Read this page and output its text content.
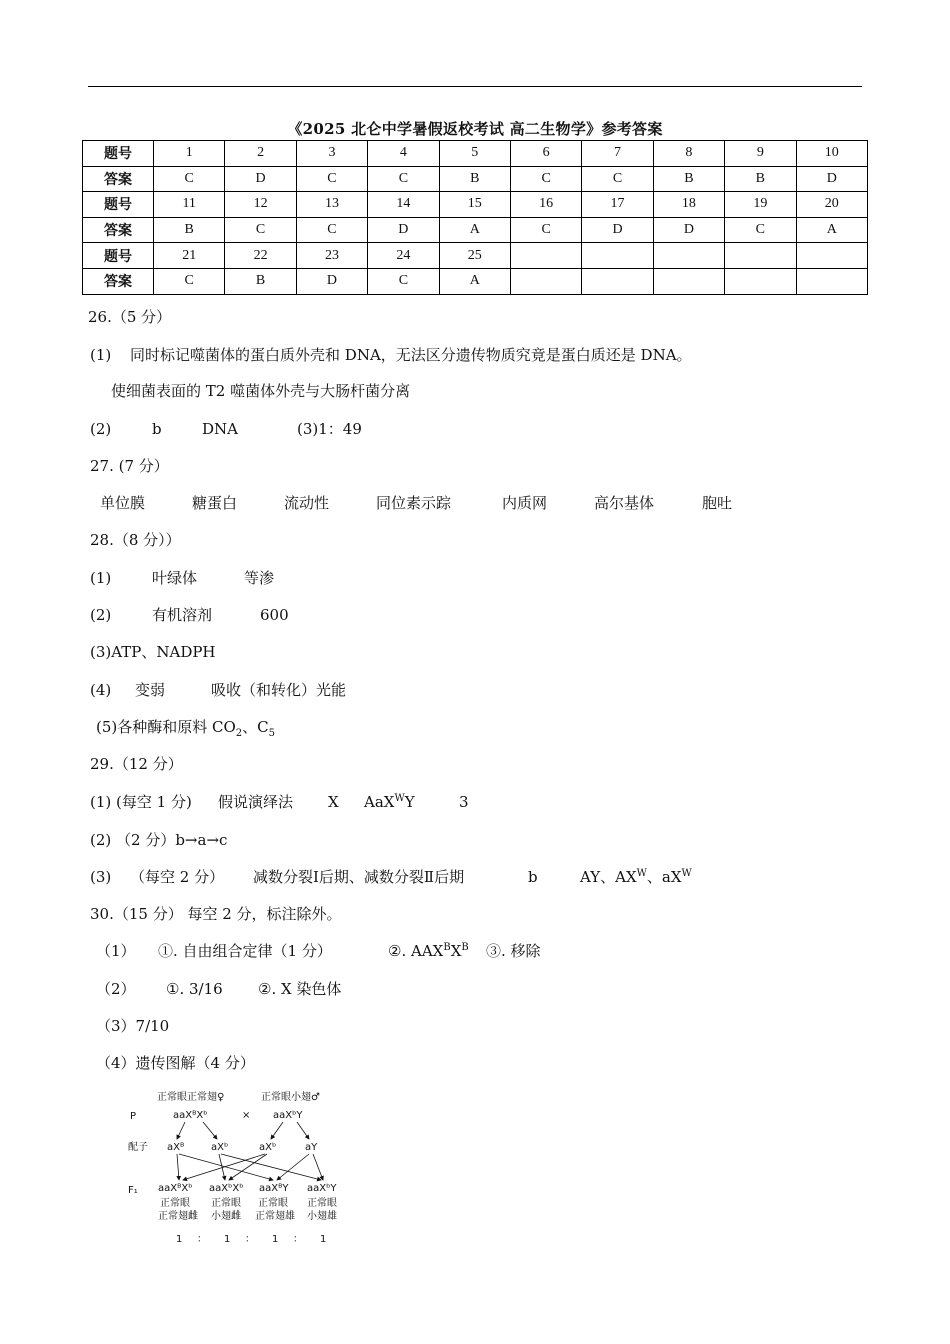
《2025 北仑中学暑假返校考试 高二生物学》参考答案
题号	1	2	3	4	5	6	7	8	9	10
答案	C	D	C	C	B	C	C	B	B	D
题号	11	12	13	14	15	16	17	18	19	20
答案	B	C	C	D	A	C	D	D	C	A
题号	21	22	23	24	25					
答案	C	B	D	C	A					
26.（5 分）
(1) 同时标记噬菌体的蛋白质外壳和 DNA，无法区分遗传物质究竟是蛋白质还是 DNA。
使细菌表面的 T2 噬菌体外壳与大肠杆菌分离
(2)	b	DNA	(3)1：49
27. (7 分）
单位膜	糖蛋白	流动性	同位素示踪	内质网	高尔基体	胞吐
28.（8 分））
(1)	叶绿体	等渗
(2)	有机溶剂	600
(3)ATP、NADPH
(4) 变弱	吸收（和转化）光能
(5)各种酶和原料 $CO_2$、$C_5$
29.（12 分）
(1) (每空 1 分) 假说演绎法 X AaX$^W$Y	3
(2) （2 分）b→a→c
(3) （每空 2 分） 减数分裂Ⅰ后期、减数分裂Ⅱ后期	b	AY、$AX^W$、$aX^W$
30.（15 分） 每空 2 分，标注除外。
（1） ①. 自由组合定律（1 分）	②. $AAX^BX^B$ ③. 移除
（2） ①. 3/16 ②. X 染色体
（3）7/10
（4）遗传图解（4 分）
P
正常眼正常翅♀
aaXᴮXᵇ	×
正常眼小翅♂
aaXᵇY
配子 aXᴮ	aXᵇ	aXᵇ	aY
F₁ aaXᴮXᵇ
正常眼
正常翅雌
aaXᵇXᵇ
正常眼
小翅雌
aaXᴮY
正常眼
正常翅雄
aaXᵇY
正常眼
小翅雄
1 ： 1 ： 1 ： 1
